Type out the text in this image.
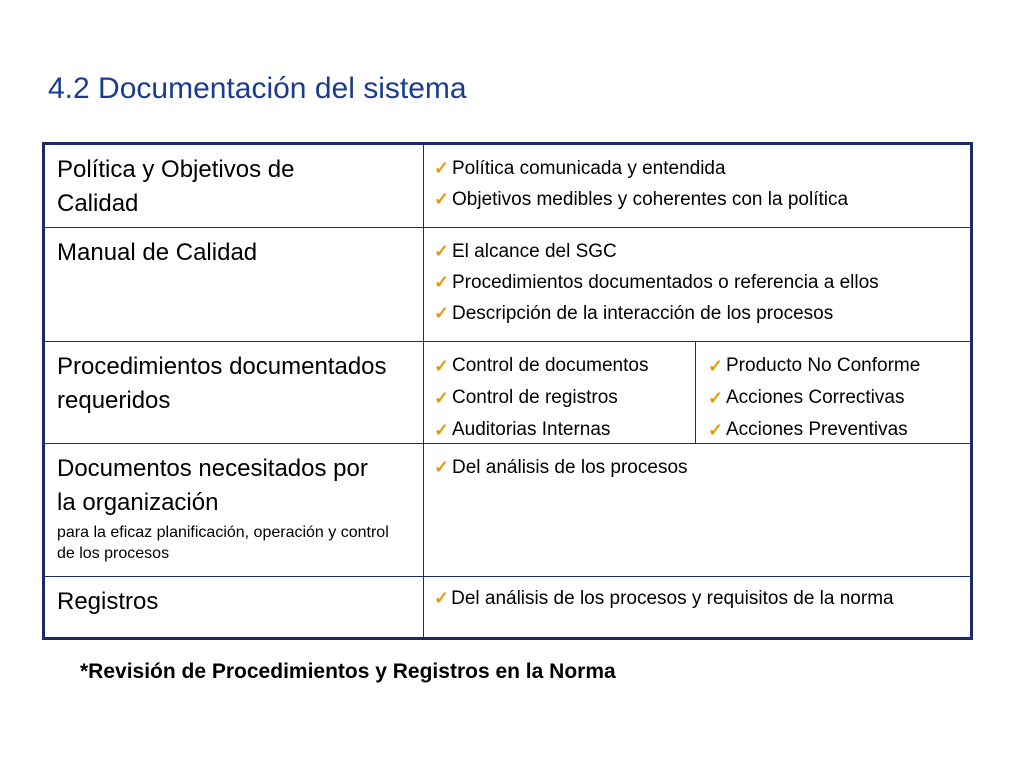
4.2 Documentación del sistema
Política y Objetivos de Calidad
✓ Política comunicada y entendida
✓ Objetivos medibles y coherentes con la política
Manual de Calidad	✓ El alcance del SGC
✓ Procedimientos documentados o referencia a ellos
✓ Descripción de la interacción de los procesos
Procedimientos documentados requeridos
✓ Control de documentos
✓ Control de registros
✓ Auditorias Internas
✓ Producto No Conforme
✓ Acciones Correctivas
✓ Acciones Preventivas
Documentos necesitados por la organización
para la eficaz planificación, operación y control de los procesos
✓ Del análisis de los procesos
Registros	✓ Del análisis de los procesos y requisitos de la norma
*Revisión de Procedimientos y Registros en la Norma
